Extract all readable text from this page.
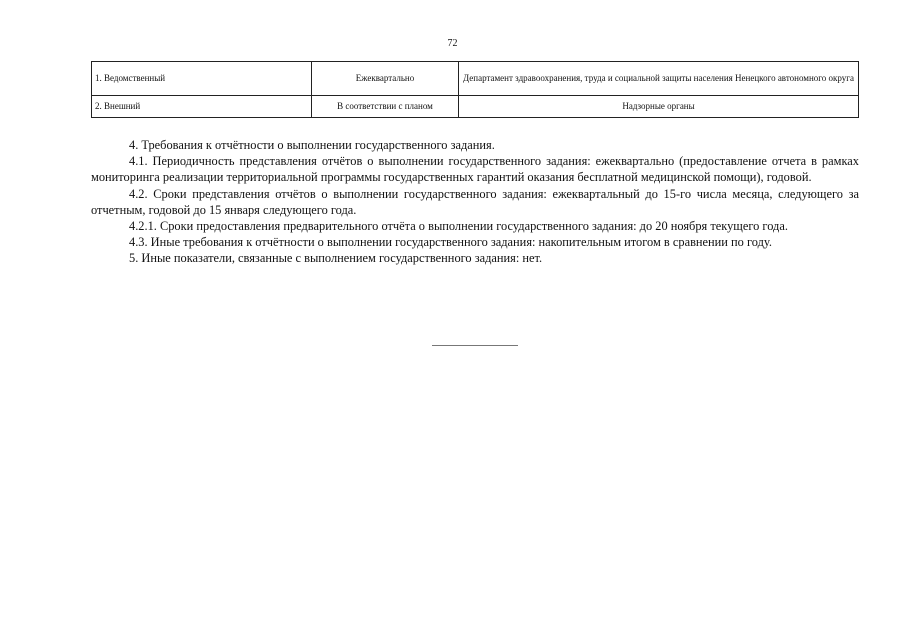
72
1. Ведомственный	Ежеквартально	Департамент здравоохранения, труда и социальной защиты населения Ненецкого автономного округа
2. Внешний	В соответствии с планом	Надзорные органы

4. Требования к отчётности о выполнении государственного задания.

4.1. Периодичность представления отчётов о выполнении государственного задания: ежеквартально (предоставление отчета в рамках мониторинга реализации территориальной программы государственных гарантий оказания бесплатной медицинской помощи), годовой.

4.2. Сроки представления отчётов о выполнении государственного задания: ежеквартальный до 15-го числа месяца, следующего за отчетным, годовой до 15 января следующего года.

4.2.1. Сроки предоставления предварительного отчёта о выполнении государственного задания: до 20 ноября текущего года.

4.3. Иные требования к отчётности о выполнении государственного задания: накопительным итогом в сравнении по году.

5. Иные показатели, связанные с выполнением государственного задания: нет.
